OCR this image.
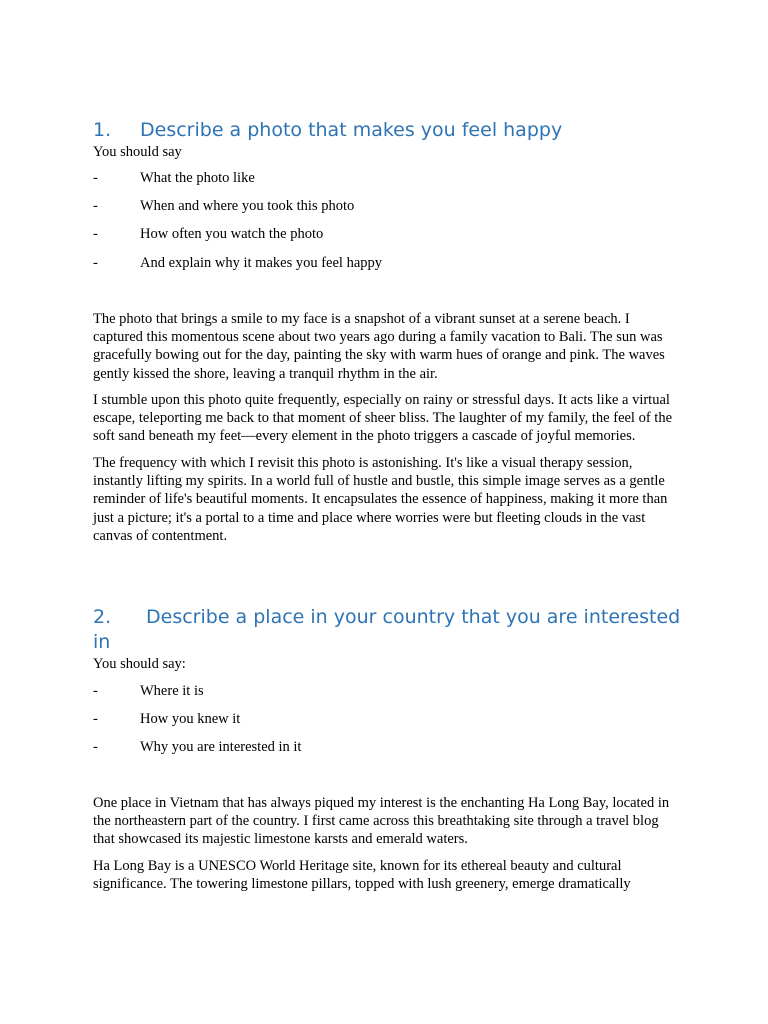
1. Describe a photo that makes you feel happy

You should say

-	What the photo like
-	When and where you took this photo
-	How often you watch the photo
-	And explain why it makes you feel happy

The photo that brings a smile to my face is a snapshot of a vibrant sunset at a serene beach. I captured this momentous scene about two years ago during a family vacation to Bali. The sun was gracefully bowing out for the day, painting the sky with warm hues of orange and pink. The waves gently kissed the shore, leaving a tranquil rhythm in the air.

I stumble upon this photo quite frequently, especially on rainy or stressful days. It acts like a virtual escape, teleporting me back to that moment of sheer bliss. The laughter of my family, the feel of the soft sand beneath my feet—every element in the photo triggers a cascade of joyful memories.

The frequency with which I revisit this photo is astonishing. It's like a visual therapy session, instantly lifting my spirits. In a world full of hustle and bustle, this simple image serves as a gentle reminder of life's beautiful moments. It encapsulates the essence of happiness, making it more than just a picture; it's a portal to a time and place where worries were but fleeting clouds in the vast canvas of contentment.

2. Describe a place in your country that you are interested in

You should say:

-	Where it is
-	How you knew it
-	Why you are interested in it

One place in Vietnam that has always piqued my interest is the enchanting Ha Long Bay, located in the northeastern part of the country. I first came across this breathtaking site through a travel blog that showcased its majestic limestone karsts and emerald waters.

Ha Long Bay is a UNESCO World Heritage site, known for its ethereal beauty and cultural significance. The towering limestone pillars, topped with lush greenery, emerge dramatically
